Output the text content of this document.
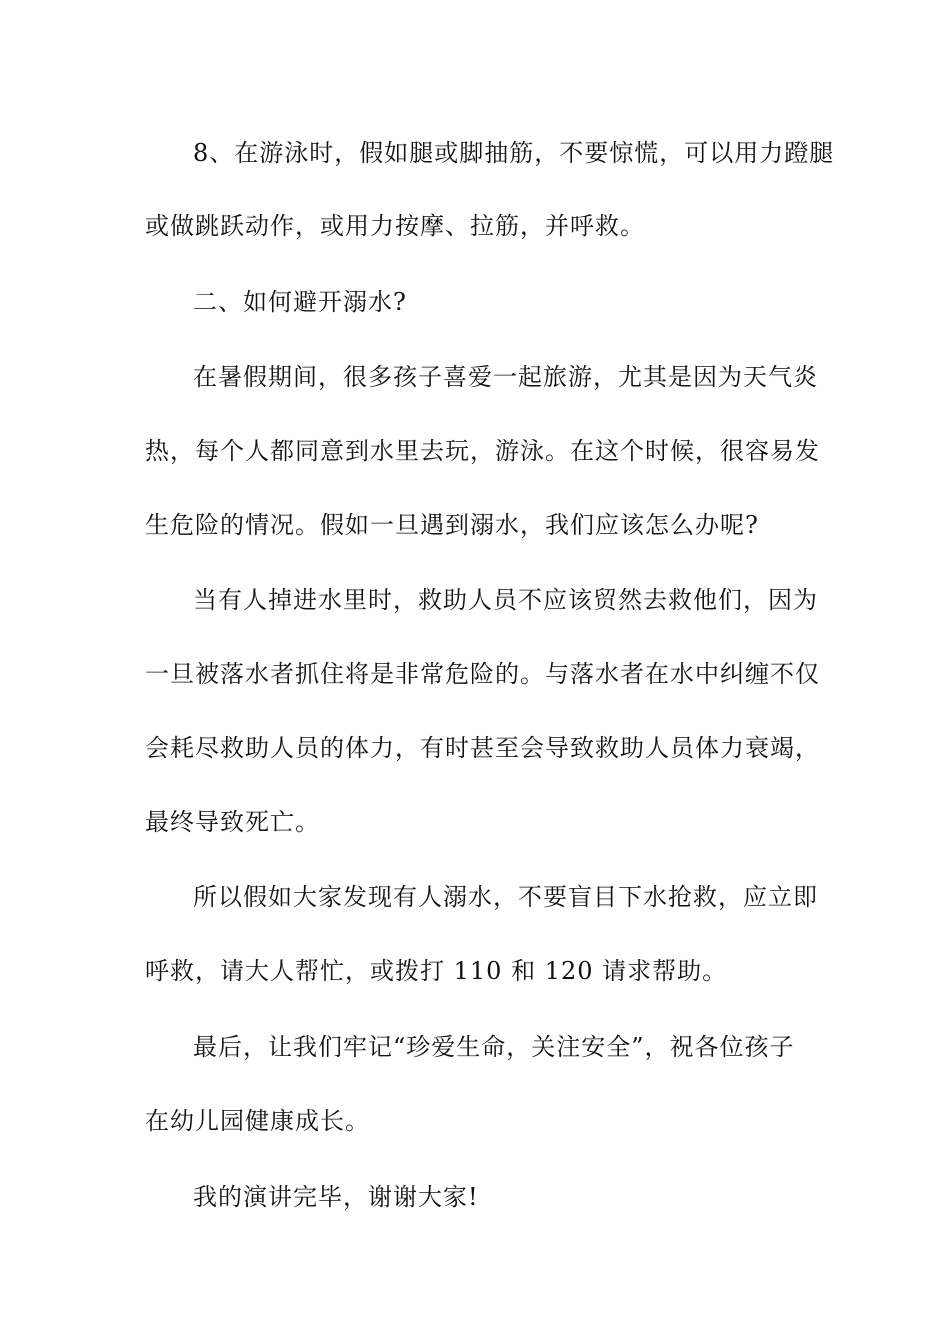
8、在游泳时，假如腿或脚抽筋，不要惊慌，可以用力蹬腿
或做跳跃动作，或用力按摩、拉筋，并呼救。
二、如何避开溺水?
在暑假期间，很多孩子喜爱一起旅游，尤其是因为天气炎
热，每个人都同意到水里去玩，游泳。在这个时候，很容易发
生危险的情况。假如一旦遇到溺水，我们应该怎么办呢?
当有人掉进水里时，救助人员不应该贸然去救他们，因为
一旦被落水者抓住将是非常危险的。与落水者在水中纠缠不仅
会耗尽救助人员的体力，有时甚至会导致救助人员体力衰竭，
最终导致死亡。
所以假如大家发现有人溺水，不要盲目下水抢救，应立即
呼救，请大人帮忙，或拨打 110 和 120 请求帮助。
最后，让我们牢记“珍爱生命，关注安全”，祝各位孩子
在幼儿园健康成长。
我的演讲完毕，谢谢大家!
